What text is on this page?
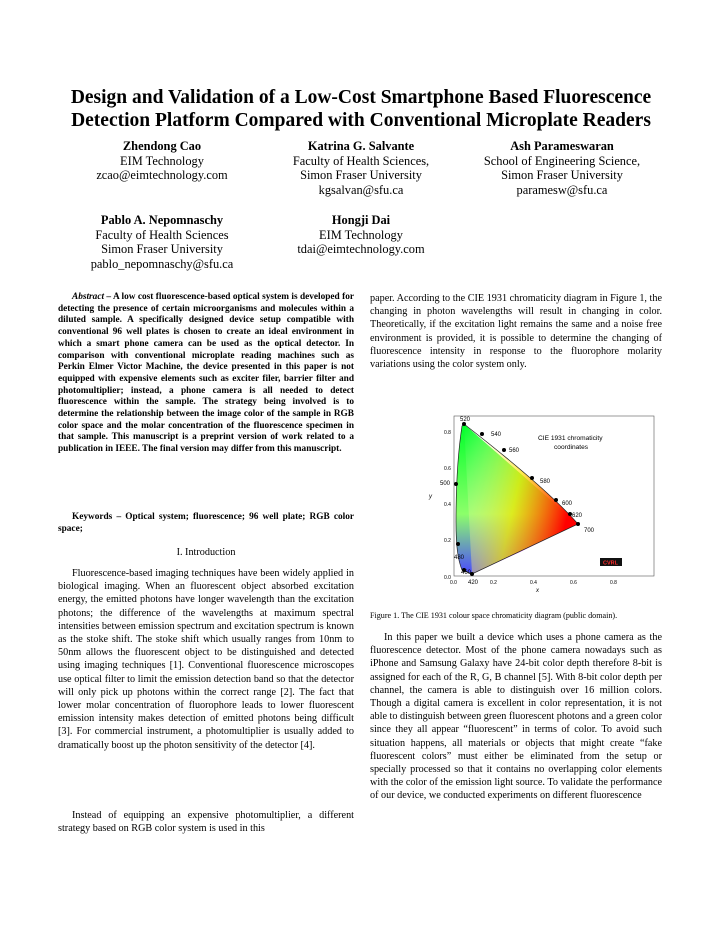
Design and Validation of a Low-Cost Smartphone Based Fluorescence Detection Platform Compared with Conventional Microplate Readers
Zhendong Cao
EIM Technology
zcao@eimtechnology.com
Katrina G. Salvante
Faculty of Health Sciences,
Simon Fraser University
kgsalvan@sfu.ca
Ash Parameswaran
School of Engineering Science,
Simon Fraser University
paramesw@sfu.ca
Pablo A. Nepomnaschy
Faculty of Health Sciences
Simon Fraser University
pablo_nepomnaschy@sfu.ca
Hongji Dai
EIM Technology
tdai@eimtechnology.com
Abstract – A low cost fluorescence-based optical system is developed for detecting the presence of certain microorganisms and molecules within a diluted sample. A specifically designed device setup compatible with conventional 96 well plates is chosen to create an ideal environment in which a smart phone camera can be used as the optical detector. In comparison with conventional microplate reading machines such as Perkin Elmer Victor Machine, the device presented in this paper is not equipped with expensive elements such as exciter filer, barrier filter and photomultiplier; instead, a phone camera is all needed to detect fluorescence within the sample. The strategy being involved is to determine the relationship between the image color of the sample in RGB color space and the molar concentration of the fluorescence specimen in that sample. This manuscript is a preprint version of work related to a publication in IEEE. The final version may differ from this manuscript.
Keywords – Optical system; fluorescence; 96 well plate; RGB color space;
I. Introduction

Fluorescence-based imaging techniques have been widely applied in biological imaging. When an fluorescent object absorbed excitation energy, the emitted photons have longer wavelength than the excitation photons; the difference of the wavelengths at maximum spectral intensities between emission spectrum and excitation spectrum is known as the stoke shift. The stoke shift which usually ranges from 10nm to 50nm allows the fluorescent object to be distinguished and detected using imaging techniques [1]. Conventional fluorescence microscopes use optical filter to limit the emission detection band so that the detector will only pick up photons within the correct range [2]. The fact that lower molar concentration of fluorophore leads to lower fluorescent emission intensity makes detection of emitted photons being difficult [3]. For commercial instrument, a photomultiplier is usually added to dramatically boost up the photon sensitivity of the detector [4].

Instead of equipping an expensive photomultiplier, a different strategy based on RGB color system is used in this

paper. According to the CIE 1931 chromaticity diagram in Figure 1, the changing in photon wavelengths will result in changing in color. Theoretically, if the excitation light remains the same and a noise free environment is provided, it is possible to determine the changing of fluorescence intensity in response to the fluorophore molarity variations using the color system only.

520
540
560
580
600
620
700
500
480
460
420
CIE 1931 chromaticity
coordinates
0.0
0.2
0.4
0.6
0.8
0.0	0.2	0.4	0.6	0.8
x
y
CVRL
Figure 1. The CIE 1931 colour space chromaticity diagram (public domain).

In this paper we built a device which uses a phone camera as the fluorescence detector. Most of the phone camera nowadays such as iPhone and Samsung Galaxy have 24-bit color depth therefore 8-bit is assigned for each of the R, G, B channel [5]. With 8-bit color depth per channel, the camera is able to distinguish over 16 million colors. Though a digital camera is excellent in color representation, it is not able to distinguish between green fluorescent photons and a green color since they all appear “fluorescent” in terms of color. To avoid such situation happens, all materials or objects that might create “fake fluorescent colors” must either be eliminated from the setup or specially processed so that it contains no overlapping color elements with the color of the emission light source. To validate the performance of our device, we conducted experiments on different fluorescence
